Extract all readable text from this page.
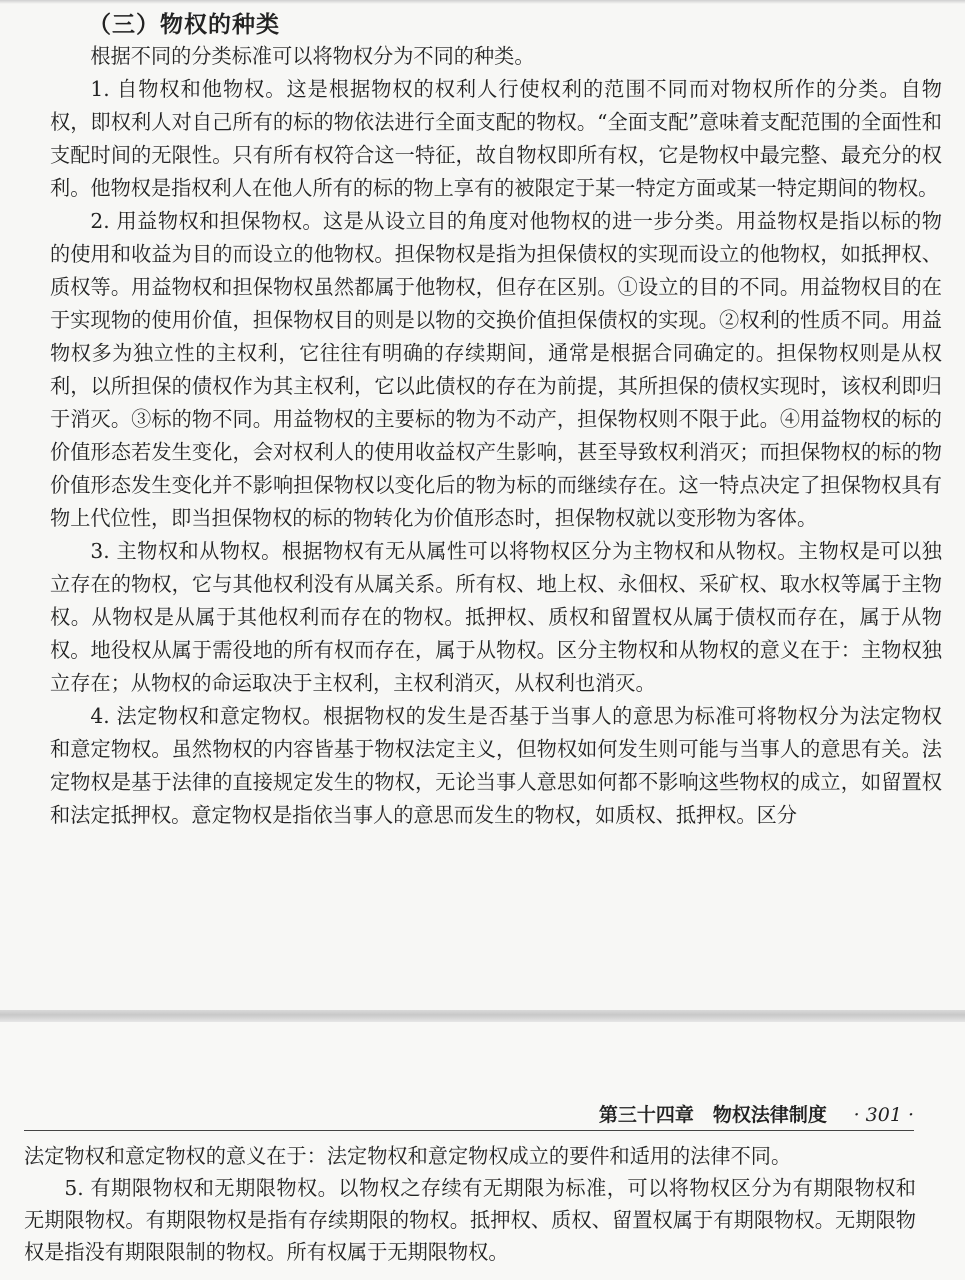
（三）物权的种类

根据不同的分类标准可以将物权分为不同的种类。

1. 自物权和他物权。这是根据物权的权利人行使权利的范围不同而对物权所作的分类。自物权，即权利人对自己所有的标的物依法进行全面支配的物权。“全面支配”意味着支配范围的全面性和支配时间的无限性。只有所有权符合这一特征，故自物权即所有权，它是物权中最完整、最充分的权利。他物权是指权利人在他人所有的标的物上享有的被限定于某一特定方面或某一特定期间的物权。

2. 用益物权和担保物权。这是从设立目的角度对他物权的进一步分类。用益物权是指以标的物的使用和收益为目的而设立的他物权。担保物权是指为担保债权的实现而设立的他物权，如抵押权、质权等。用益物权和担保物权虽然都属于他物权，但存在区别。①设立的目的不同。用益物权目的在于实现物的使用价值，担保物权目的则是以物的交换价值担保债权的实现。②权利的性质不同。用益物权多为独立性的主权利，它往往有明确的存续期间，通常是根据合同确定的。担保物权则是从权利，以所担保的债权作为其主权利，它以此债权的存在为前提，其所担保的债权实现时，该权利即归于消灭。③标的物不同。用益物权的主要标的物为不动产，担保物权则不限于此。④用益物权的标的价值形态若发生变化，会对权利人的使用收益权产生影响，甚至导致权利消灭；而担保物权的标的物价值形态发生变化并不影响担保物权以变化后的物为标的而继续存在。这一特点决定了担保物权具有物上代位性，即当担保物权的标的物转化为价值形态时，担保物权就以变形物为客体。

3. 主物权和从物权。根据物权有无从属性可以将物权区分为主物权和从物权。主物权是可以独立存在的物权，它与其他权利没有从属关系。所有权、地上权、永佃权、采矿权、取水权等属于主物权。从物权是从属于其他权利而存在的物权。抵押权、质权和留置权从属于债权而存在，属于从物权。地役权从属于需役地的所有权而存在，属于从物权。区分主物权和从物权的意义在于：主物权独立存在；从物权的命运取决于主权利，主权利消灭，从权利也消灭。

4. 法定物权和意定物权。根据物权的发生是否基于当事人的意思为标准可将物权分为法定物权和意定物权。虽然物权的内容皆基于物权法定主义，但物权如何发生则可能与当事人的意思有关。法定物权是基于法律的直接规定发生的物权，无论当事人意思如何都不影响这些物权的成立，如留置权和法定抵押权。意定物权是指依当事人的意思而发生的物权，如质权、抵押权。区分

第三十四章　物权法律制度 · 301 ·

法定物权和意定物权的意义在于：法定物权和意定物权成立的要件和适用的法律不同。

5. 有期限物权和无期限物权。以物权之存续有无期限为标准，可以将物权区分为有期限物权和无期限物权。有期限物权是指有存续期限的物权。抵押权、质权、留置权属于有期限物权。无期限物权是指没有期限限制的物权。所有权属于无期限物权。
